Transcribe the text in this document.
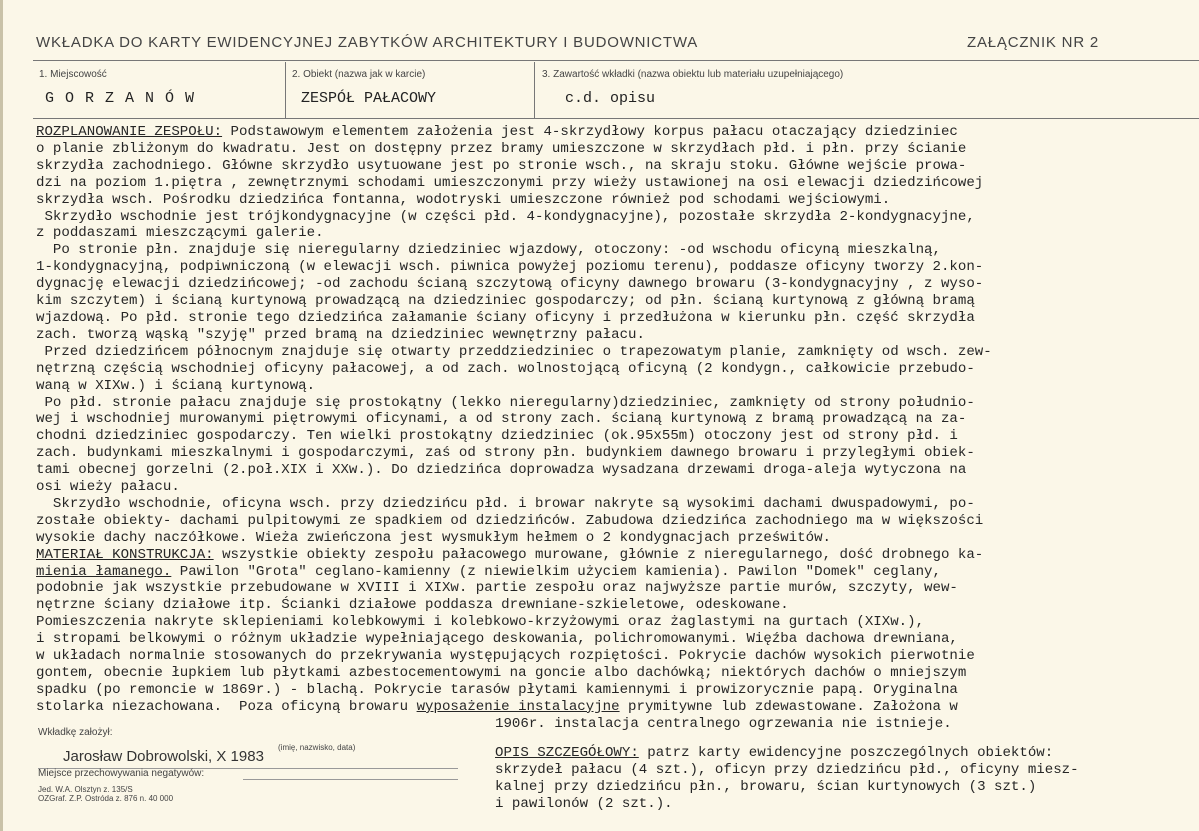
WKŁADKA DO KARTY EWIDENCYJNEJ ZABYTKÓW ARCHITEKTURY I BUDOWNICTWA	ZAŁĄCZNIK NR 2
1. Miejscowość
G O R Z A N Ó W
2. Obiekt (nazwa jak w karcie)
ZESPÓŁ PAŁACOWY
3. Zawartość wkładki (nazwa obiektu lub materiału uzupełniającego)
c.d. opisu
ROZPLANOWANIE ZESPOŁU: Podstawowym elementem założenia jest 4-skrzydłowy korpus pałacu otaczający dziedziniec
o planie zbliżonym do kwadratu. Jest on dostępny przez bramy umieszczone w skrzydłach płd. i płn. przy ścianie
skrzydła zachodniego. Główne skrzydło usytuowane jest po stronie wsch., na skraju stoku. Główne wejście prowa-
dzi na poziom 1.piętra , zewnętrznymi schodami umieszczonymi przy wieży ustawionej na osi elewacji dziedzińcowej
skrzydła wsch. Pośrodku dziedzińca fontanna, wodotryski umieszczone również pod schodami wejściowymi.
Skrzydło wschodnie jest trójkondygnacyjne (w części płd. 4-kondygnacyjne), pozostałe skrzydła 2-kondygnacyjne,
z poddaszami mieszczącymi galerie.
Po stronie płn. znajduje się nieregularny dziedziniec wjazdowy, otoczony: -od wschodu oficyną mieszkalną,
1-kondygnacyjną, podpiwniczoną (w elewacji wsch. piwnica powyżej poziomu terenu), poddasze oficyny tworzy 2.kon-
dygnację elewacji dziedzińcowej; -od zachodu ścianą szczytową oficyny dawnego browaru (3-kondygnacyjny , z wyso-
kim szczytem) i ścianą kurtynową prowadzącą na dziedziniec gospodarczy; od płn. ścianą kurtynową z główną bramą
wjazdową. Po płd. stronie tego dziedzińca załamanie ściany oficyny i przedłużona w kierunku płn. część skrzydła
zach. tworzą wąską "szyję" przed bramą na dziedziniec wewnętrzny pałacu.
Przed dziedzińcem północnym znajduje się otwarty przeddziedziniec o trapezowatym planie, zamknięty od wsch. zew-
nętrzną częścią wschodniej oficyny pałacowej, a od zach. wolnostojącą oficyną (2 kondygn., całkowicie przebudo-
waną w XIXw.) i ścianą kurtynową.
Po płd. stronie pałacu znajduje się prostokątny (lekko nieregularny)dziedziniec, zamknięty od strony południo-
wej i wschodniej murowanymi piętrowymi oficynami, a od strony zach. ścianą kurtynową z bramą prowadzącą na za-
chodni dziedziniec gospodarczy. Ten wielki prostokątny dziedziniec (ok.95x55m) otoczony jest od strony płd. i
zach. budynkami mieszkalnymi i gospodarczymi, zaś od strony płn. budynkiem dawnego browaru i przyległymi obiek-
tami obecnej gorzelni (2.poł.XIX i XXw.). Do dziedzińca doprowadza wysadzana drzewami droga-aleja wytyczona na
osi wieży pałacu.
Skrzydło wschodnie, oficyna wsch. przy dziedzińcu płd. i browar nakryte są wysokimi dachami dwuspadowymi, po-
zostałe obiekty- dachami pulpitowymi ze spadkiem od dziedzińców. Zabudowa dziedzińca zachodniego ma w większości
wysokie dachy naczółkowe. Wieża zwieńczona jest wysmukłym hełmem o 2 kondygnacjach prześwitów.
MATERIAŁ KONSTRUKCJA: wszystkie obiekty zespołu pałacowego murowane, głównie z nieregularnego, dość drobnego ka-
mienia łamanego. Pawilon "Grota" ceglano-kamienny (z niewielkim użyciem kamienia). Pawilon "Domek" ceglany,
podobnie jak wszystkie przebudowane w XVIII i XIXw. partie zespołu oraz najwyższe partie murów, szczyty, wew-
nętrzne ściany działowe itp. Ścianki działowe poddasza drewniane-szkieletowe, odeskowane.
Pomieszczenia nakryte sklepieniami kolebkowymi i kolebkowo-krzyżowymi oraz żaglastymi na gurtach (XIXw.),
i stropami belkowymi o różnym układzie wypełniającego deskowania, polichromowanymi. Więźba dachowa drewniana,
w układach normalnie stosowanych do przekrywania występujących rozpiętości. Pokrycie dachów wysokich pierwotnie
gontem, obecnie łupkiem lub płytkami azbestocementowymi na goncie albo dachówką; niektórych dachów o mniejszym
spadku (po remoncie w 1869r.) - blachą. Pokrycie tarasów płytami kamiennymi i prowizorycznie papą. Oryginalna
stolarka niezachowana.  Poza oficyną browaru wyposażenie instalacyjne prymitywne lub zdewastowane. Założona w
1906r. instalacja centralnego ogrzewania nie istnieje.
Wkładkę założył:
(imię, nazwisko, data)
Jarosław Dobrowolski, X 1983
Miejsce przechowywania negatywów:
Jed. W.A. Olsztyn z. 135/S
OZGraf. Z.P. Ostróda z. 876 n. 40 000
OPIS SZCZEGÓŁOWY: patrz karty ewidencyjne poszczególnych obiektów:
skrzydeł pałacu (4 szt.), oficyn przy dziedzińcu płd., oficyny miesz-
kalnej przy dziedzińcu płn., browaru, ścian kurtynowych (3 szt.)
i pawilonów (2 szt.).
